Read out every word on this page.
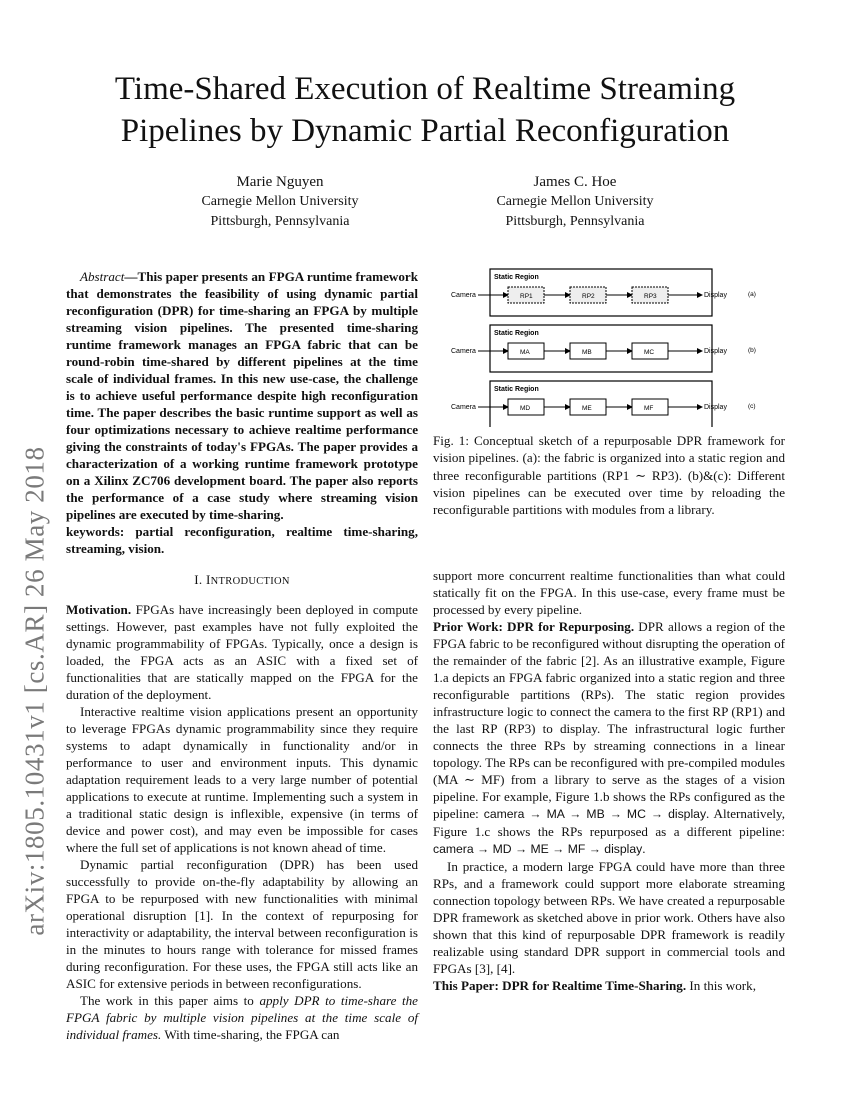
arXiv:1805.10431v1 [cs.AR] 26 May 2018
Time-Shared Execution of Realtime Streaming
Pipelines by Dynamic Partial Reconfiguration
Marie Nguyen
Carnegie Mellon University
Pittsburgh, Pennsylvania
James C. Hoe
Carnegie Mellon University
Pittsburgh, Pennsylvania

Abstract—This paper presents an FPGA runtime framework that demonstrates the feasibility of using dynamic partial reconfiguration (DPR) for time-sharing an FPGA by multiple streaming vision pipelines. The presented time-sharing runtime framework manages an FPGA fabric that can be round-robin time-shared by different pipelines at the time scale of individual frames. In this new use-case, the challenge is to achieve useful performance despite high reconfiguration time. The paper describes the basic runtime support as well as four optimizations necessary to achieve realtime performance giving the constraints of today's FPGAs. The paper provides a characterization of a working runtime framework prototype on a Xilinx ZC706 development board. The paper also reports the performance of a case study where streaming vision pipelines are executed by time-sharing.

keywords: partial reconfiguration, realtime time-sharing, streaming, vision.

I. INTRODUCTION

Motivation. FPGAs have increasingly been deployed in compute settings. However, past examples have not fully exploited the dynamic programmability of FPGAs. Typically, once a design is loaded, the FPGA acts as an ASIC with a fixed set of functionalities that are statically mapped on the FPGA for the duration of the deployment.

Interactive realtime vision applications present an opportunity to leverage FPGAs dynamic programmability since they require systems to adapt dynamically in functionality and/or in performance to user and environment inputs. This dynamic adaptation requirement leads to a very large number of potential applications to execute at runtime. Implementing such a system in a traditional static design is inflexible, expensive (in terms of device and power cost), and may even be impossible for cases where the full set of applications is not known ahead of time.

Dynamic partial reconfiguration (DPR) has been used successfully to provide on-the-fly adaptability by allowing an FPGA to be repurposed with new functionalities with minimal operational disruption [1]. In the context of repurposing for interactivity or adaptability, the interval between reconfiguration is in the minutes to hours range with tolerance for missed frames during reconfiguration. For these uses, the FPGA still acts like an ASIC for extensive periods in between reconfigurations.

The work in this paper aims to apply DPR to time-share the FPGA fabric by multiple vision pipelines at the time scale of individual frames. With time-sharing, the FPGA can

Static Region
Camera	RP1	RP2	RP3	Display	(a)
Static Region
Camera	MA	MB	MC	Display	(b)
Static Region
Camera	MD	ME	MF	Display	(c)

Fig. 1: Conceptual sketch of a repurposable DPR framework for vision pipelines. (a): the fabric is organized into a static region and three reconfigurable partitions (RP1 ∼ RP3). (b)&(c): Different vision pipelines can be executed over time by reloading the reconfigurable partitions with modules from a library.

support more concurrent realtime functionalities than what could statically fit on the FPGA. In this use-case, every frame must be processed by every pipeline.

Prior Work: DPR for Repurposing. DPR allows a region of the FPGA fabric to be reconfigured without disrupting the operation of the remainder of the fabric [2]. As an illustrative example, Figure 1.a depicts an FPGA fabric organized into a static region and three reconfigurable partitions (RPs). The static region provides infrastructure logic to connect the camera to the first RP (RP1) and the last RP (RP3) to display. The infrastructural logic further connects the three RPs by streaming connections in a linear topology. The RPs can be reconfigured with pre-compiled modules (MA ∼ MF) from a library to serve as the stages of a vision pipeline. For example, Figure 1.b shows the RPs configured as the pipeline: camera → MA → MB → MC → display. Alternatively, Figure 1.c shows the RPs repurposed as a different pipeline: camera → MD → ME → MF → display.

In practice, a modern large FPGA could have more than three RPs, and a framework could support more elaborate streaming connection topology between RPs. We have created a repurposable DPR framework as sketched above in prior work. Others have also shown that this kind of repurposable DPR framework is readily realizable using standard DPR support in commercial tools and FPGAs [3], [4].

This Paper: DPR for Realtime Time-Sharing. In this work,
